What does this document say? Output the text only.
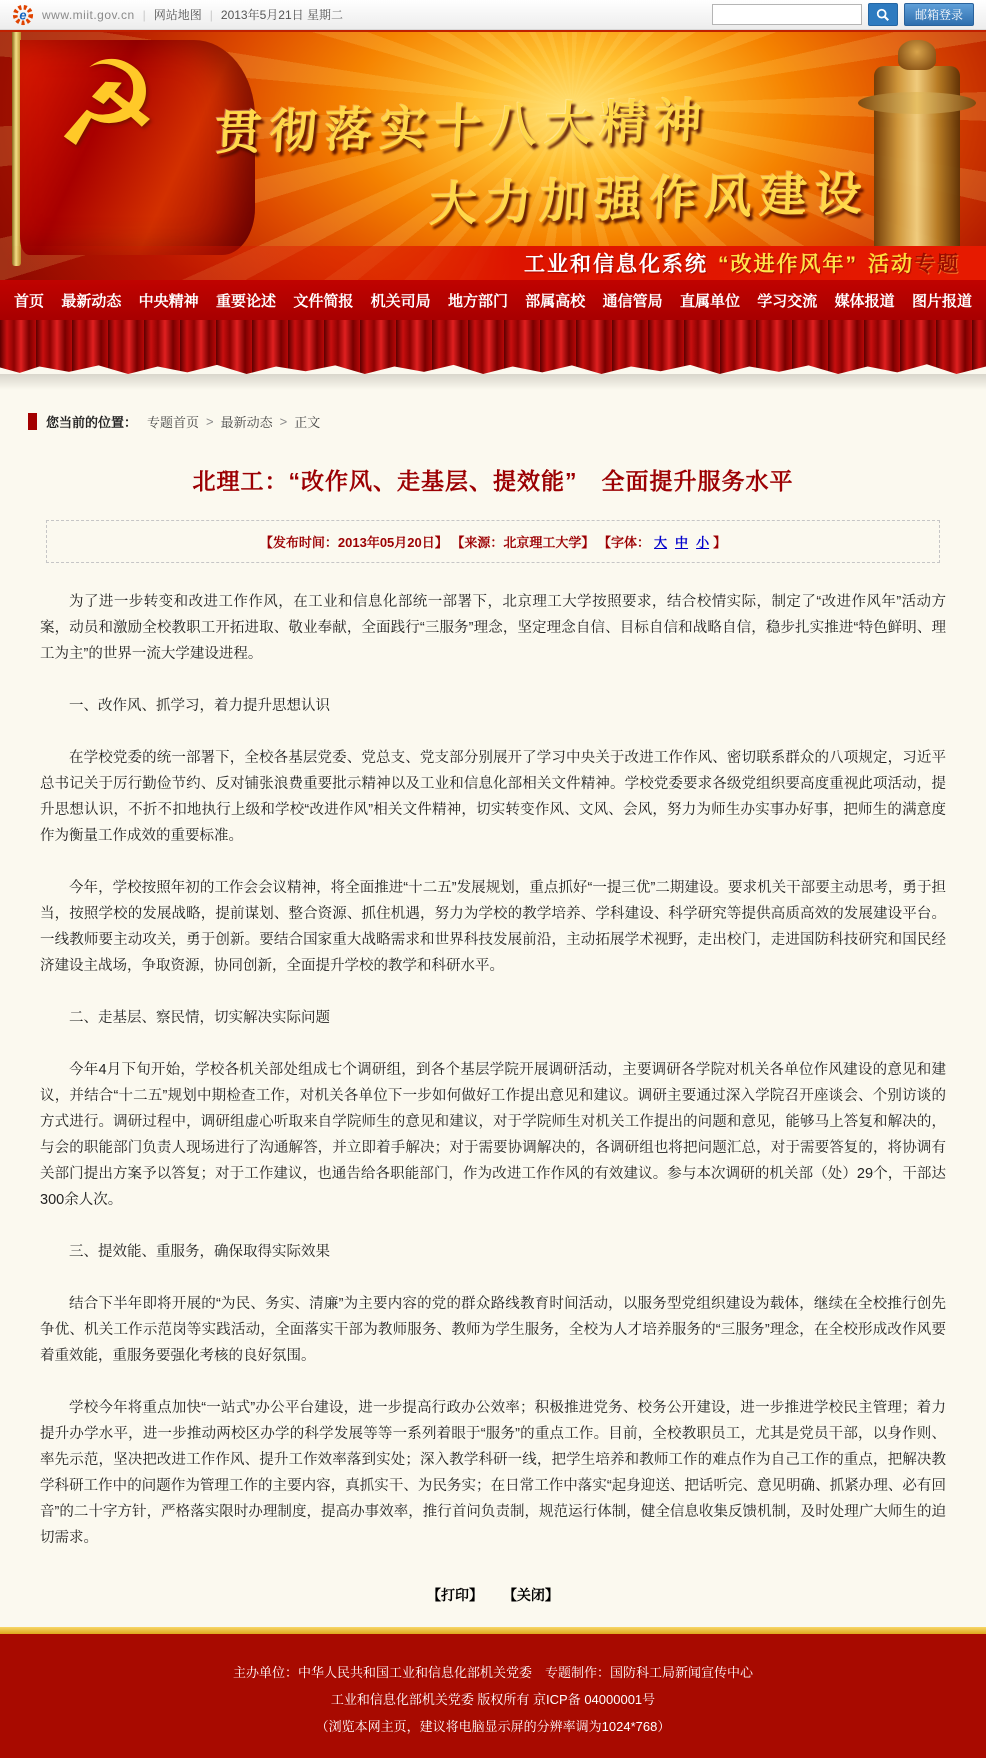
e www.miit.gov.cn | 网站地图 | 2013年5月21日 星期二	邮箱登录
☭ 贯彻落实十八大精神
大力加强作风建设
工业和信息化系统 “改进作风年” 活动专题
首页 最新动态 中央精神 重要论述 文件简报 机关司局 地方部门 部属高校 通信管局 直属单位 学习交流 媒体报道 图片报道
您当前的位置： 专题首页 > 最新动态 > 正文
北理工：“改作风、走基层、提效能”　全面提升服务水平
【发布时间：2013年05月20日】 【来源：北京理工大学】 【字体： 大 中 小 】

为了进一步转变和改进工作作风，在工业和信息化部统一部署下，北京理工大学按照要求，结合校情实际，制定了“改进作风年”活动方案，动员和激励全校教职工开拓进取、敬业奉献，全面践行“三服务”理念，坚定理念自信、目标自信和战略自信，稳步扎实推进“特色鲜明、理工为主”的世界一流大学建设进程。

一、改作风、抓学习，着力提升思想认识

在学校党委的统一部署下，全校各基层党委、党总支、党支部分别展开了学习中央关于改进工作作风、密切联系群众的八项规定，习近平总书记关于厉行勤俭节约、反对铺张浪费重要批示精神以及工业和信息化部相关文件精神。学校党委要求各级党组织要高度重视此项活动，提升思想认识，不折不扣地执行上级和学校“改进作风”相关文件精神，切实转变作风、文风、会风，努力为师生办实事办好事，把师生的满意度作为衡量工作成效的重要标准。

今年，学校按照年初的工作会会议精神，将全面推进“十二五”发展规划，重点抓好“一提三优”二期建设。要求机关干部要主动思考，勇于担当，按照学校的发展战略，提前谋划、整合资源、抓住机遇，努力为学校的教学培养、学科建设、科学研究等提供高质高效的发展建设平台。一线教师要主动攻关，勇于创新。要结合国家重大战略需求和世界科技发展前沿，主动拓展学术视野，走出校门，走进国防科技研究和国民经济建设主战场，争取资源，协同创新，全面提升学校的教学和科研水平。

二、走基层、察民情，切实解决实际问题

今年4月下旬开始，学校各机关部处组成七个调研组，到各个基层学院开展调研活动，主要调研各学院对机关各单位作风建设的意见和建议，并结合“十二五”规划中期检查工作，对机关各单位下一步如何做好工作提出意见和建议。调研主要通过深入学院召开座谈会、个别访谈的方式进行。调研过程中，调研组虚心听取来自学院师生的意见和建议，对于学院师生对机关工作提出的问题和意见，能够马上答复和解决的，与会的职能部门负责人现场进行了沟通解答，并立即着手解决；对于需要协调解决的，各调研组也将把问题汇总，对于需要答复的，将协调有关部门提出方案予以答复；对于工作建议，也通告给各职能部门，作为改进工作作风的有效建议。参与本次调研的机关部（处）29个，干部达300余人次。

三、提效能、重服务，确保取得实际效果

结合下半年即将开展的“为民、务实、清廉”为主要内容的党的群众路线教育时间活动，以服务型党组织建设为载体，继续在全校推行创先争优、机关工作示范岗等实践活动，全面落实干部为教师服务、教师为学生服务，全校为人才培养服务的“三服务”理念，在全校形成改作风要着重效能，重服务要强化考核的良好氛围。

学校今年将重点加快“一站式”办公平台建设，进一步提高行政办公效率；积极推进党务、校务公开建设，进一步推进学校民主管理；着力提升办学水平，进一步推动两校区办学的科学发展等等一系列着眼于“服务”的重点工作。目前，全校教职员工，尤其是党员干部，以身作则、率先示范，坚决把改进工作作风、提升工作效率落到实处；深入教学科研一线，把学生培养和教师工作的难点作为自己工作的重点，把解决教学科研工作中的问题作为管理工作的主要内容，真抓实干、为民务实；在日常工作中落实“起身迎送、把话听完、意见明确、抓紧办理、必有回音”的二十字方针，严格落实限时办理制度，提高办事效率，推行首问负责制，规范运行体制，健全信息收集反馈机制，及时处理广大师生的迫切需求。

【打印】 【关闭】
主办单位：中华人民共和国工业和信息化部机关党委　专题制作：国防科工局新闻宣传中心
工业和信息化部机关党委 版权所有 京ICP备 04000001号
（浏览本网主页，建议将电脑显示屏的分辨率调为1024*768）
